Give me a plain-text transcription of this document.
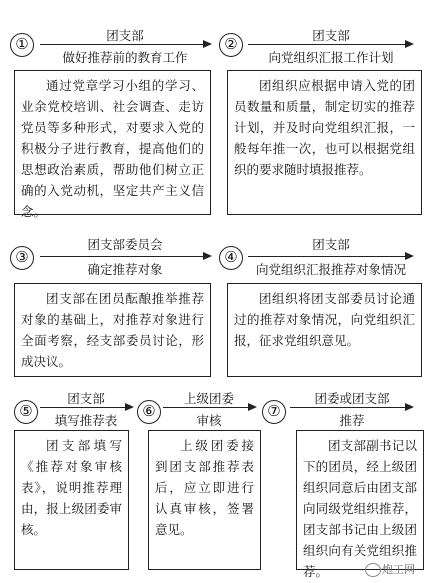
①	团支部
做好推荐前的教育工作
②	团支部
向党组织汇报工作计划
通过党章学习小组的学习、业余党校培训、社会调查、走访党员等多种形式，对要求入党的积极分子进行教育，提高他们的思想政治素质，帮助他们树立正确的入党动机，坚定共产主义信念。
团组织应根据申请入党的团员数量和质量，制定切实的推荐计划，并及时向党组织汇报，一般每年推一次，也可以根据党组织的要求随时填报推荐。
③
团支部委员会
确定推荐对象
④
团支部
向党组织汇报推荐对象情况
团支部在团员酝酿推举推荐对象的基础上，对推荐对象进行全面考察，经支部委员讨论，形成决议。
团组织将团支部委员讨论通过的推荐对象情况，向党组织汇报，征求党组织意见。
⑤
团支部
填写推荐表
⑥
上级团委
审核
⑦
团委或团支部
推荐
团支部填写《推荐对象审核表》，说明推荐理由，报上级团委审核。
上级团委接到团支部推荐表后，应立即进行认真审核，签署意见。
团支部副书记以下的团员，经上级团组织同意后由团支部向同级党组织推荐，团支部书记由上级团组织向有关党组织推荐。	炮工网
